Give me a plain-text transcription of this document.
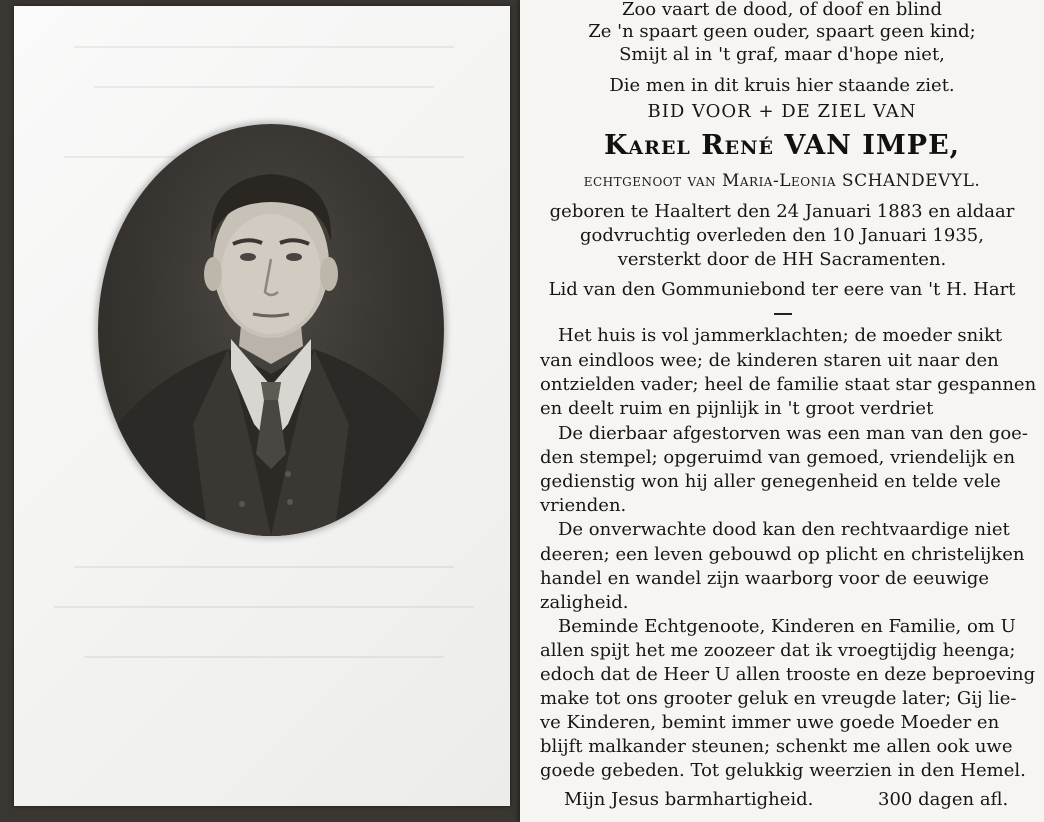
Zoo vaart de dood, of doof en blind
Ze 'n spaart geen ouder, spaart geen kind;
Smijt al in 't graf, maar d'hope niet,
Die men in dit kruis hier staande ziet.
BID VOOR + DE ZIEL VAN
Karel René VAN IMPE,
echtgenoot van Maria-Leonia SCHANDEVYL.
geboren te Haaltert den 24 Januari 1883 en aldaar
godvruchtig overleden den 10 Januari 1935,
versterkt door de HH Sacramenten.
Lid van den Gommuniebond ter eere van 't H. Hart
Het huis is vol jammerklachten; de moeder snikt
van eindloos wee; de kinderen staren uit naar den
ontzielden vader; heel de familie staat star gespannen
en deelt ruim en pijnlijk in 't groot verdriet
De dierbaar afgestorven was een man van den goe-
den stempel; opgeruimd van gemoed, vriendelijk en
gedienstig won hij aller genegenheid en telde vele
vrienden.
De onverwachte dood kan den rechtvaardige niet
deeren; een leven gebouwd op plicht en christelijken
handel en wandel zijn waarborg voor de eeuwige
zaligheid.
Beminde Echtgenoote, Kinderen en Familie, om U
allen spijt het me zoozeer dat ik vroegtijdig heenga;
edoch dat de Heer U allen trooste en deze beproeving
make tot ons grooter geluk en vreugde later; Gij lie-
ve Kinderen, bemint immer uwe goede Moeder en
blijft malkander steunen; schenkt me allen ook uwe
goede gebeden. Tot gelukkig weerzien in den Hemel.
Mijn Jesus barmhartigheid.	300 dagen afl.
